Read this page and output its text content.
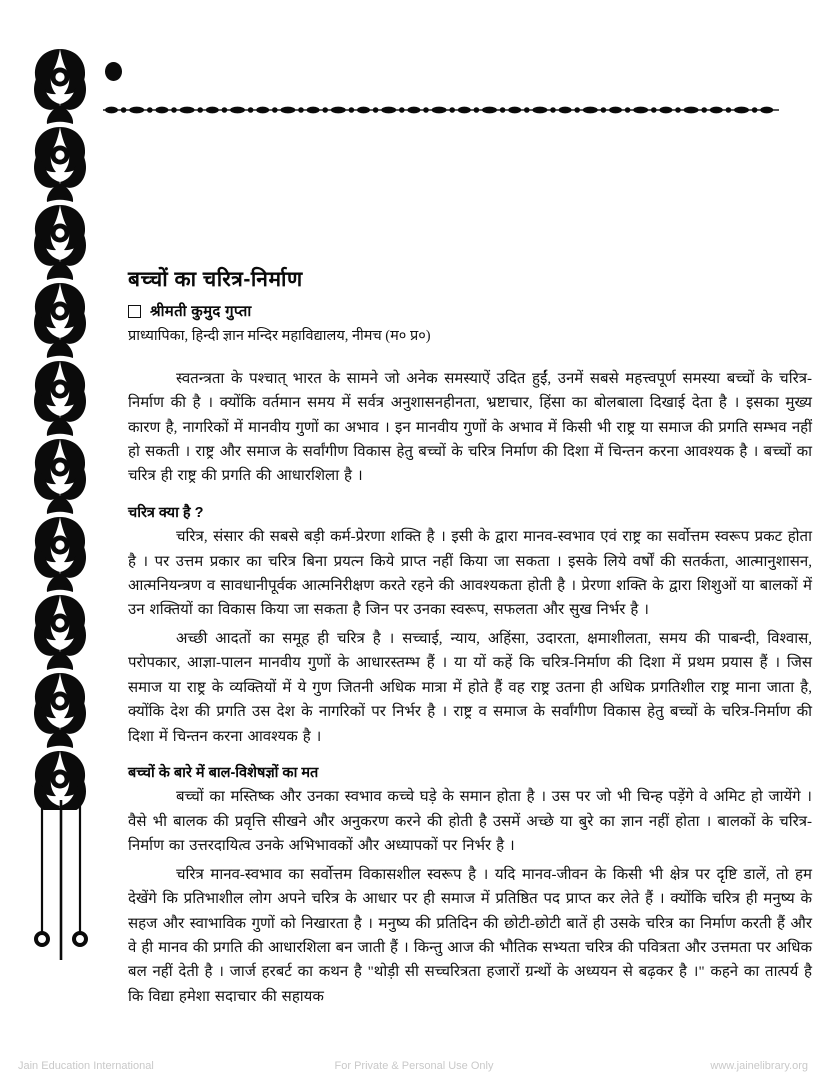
बच्चों का चरित्र-निर्माण
श्रीमती कुमुद गुप्ता
प्राध्यापिका, हिन्दी ज्ञान मन्दिर महाविद्यालय, नीमच (म० प्र०)

स्वतन्त्रता के पश्चात् भारत के सामने जो अनेक समस्याऐं उदित हुईं, उनमें सबसे महत्त्वपूर्ण समस्या बच्चों के चरित्र-निर्माण की है । क्योंकि वर्तमान समय में सर्वत्र अनुशासनहीनता, भ्रष्टाचार, हिंसा का बोलबाला दिखाई देता है । इसका मुख्य कारण है, नागरिकों में मानवीय गुणों का अभाव । इन मानवीय गुणों के अभाव में किसी भी राष्ट्र या समाज की प्रगति सम्भव नहीं हो सकती । राष्ट्र और समाज के सर्वांगीण विकास हेतु बच्चों के चरित्र निर्माण की दिशा में चिन्तन करना आवश्यक है । बच्चों का चरित्र ही राष्ट्र की प्रगति की आधारशिला है ।

चरित्र क्या है ?

चरित्र, संसार की सबसे बड़ी कर्म-प्रेरणा शक्ति है । इसी के द्वारा मानव-स्वभाव एवं राष्ट्र का सर्वोत्तम स्वरूप प्रकट होता है । पर उत्तम प्रकार का चरित्र बिना प्रयत्न किये प्राप्त नहीं किया जा सकता । इसके लिये वर्षों की सतर्कता, आत्मानुशासन, आत्मनियन्त्रण व सावधानीपूर्वक आत्मनिरीक्षण करते रहने की आवश्यकता होती है । प्रेरणा शक्ति के द्वारा शिशुओं या बालकों में उन शक्तियों का विकास किया जा सकता है जिन पर उनका स्वरूप, सफलता और सुख निर्भर है ।

अच्छी आदतों का समूह ही चरित्र है । सच्चाई, न्याय, अहिंसा, उदारता, क्षमाशीलता, समय की पाबन्दी, विश्वास, परोपकार, आज्ञा-पालन मानवीय गुणों के आधारस्तम्भ हैं । या यों कहें कि चरित्र-निर्माण की दिशा में प्रथम प्रयास हैं । जिस समाज या राष्ट्र के व्यक्तियों में ये गुण जितनी अधिक मात्रा में होते हैं वह राष्ट्र उतना ही अधिक प्रगतिशील राष्ट्र माना जाता है, क्योंकि देश की प्रगति उस देश के नागरिकों पर निर्भर है । राष्ट्र व समाज के सर्वांगीण विकास हेतु बच्चों के चरित्र-निर्माण की दिशा में चिन्तन करना आवश्यक है ।

बच्चों के बारे में बाल-विशेषज्ञों का मत

बच्चों का मस्तिष्क और उनका स्वभाव कच्चे घड़े के समान होता है । उस पर जो भी चिन्ह पड़ेंगे वे अमिट हो जायेंगे । वैसे भी बालक की प्रवृत्ति सीखने और अनुकरण करने की होती है उसमें अच्छे या बुरे का ज्ञान नहीं होता । बालकों के चरित्र-निर्माण का उत्तरदायित्व उनके अभिभावकों और अध्यापकों पर निर्भर है ।

चरित्र मानव-स्वभाव का सर्वोत्तम विकासशील स्वरूप है । यदि मानव-जीवन के किसी भी क्षेत्र पर दृष्टि डालें, तो हम देखेंगे कि प्रतिभाशील लोग अपने चरित्र के आधार पर ही समाज में प्रतिष्ठित पद प्राप्त कर लेते हैं । क्योंकि चरित्र ही मनुष्य के सहज और स्वाभाविक गुणों को निखारता है । मनुष्य की प्रतिदिन की छोटी-छोटी बातें ही उसके चरित्र का निर्माण करती हैं और वे ही मानव की प्रगति की आधारशिला बन जाती हैं । किन्तु आज की भौतिक सभ्यता चरित्र की पवित्रता और उत्तमता पर अधिक बल नहीं देती है । जार्ज हरबर्ट का कथन है "थोड़ी सी सच्चरित्रता हजारों ग्रन्थों के अध्ययन से बढ़कर है ।" कहने का तात्पर्य है कि विद्या हमेशा सदाचार की सहायक

Jain Education International	For Private & Personal Use Only	www.jainelibrary.org
